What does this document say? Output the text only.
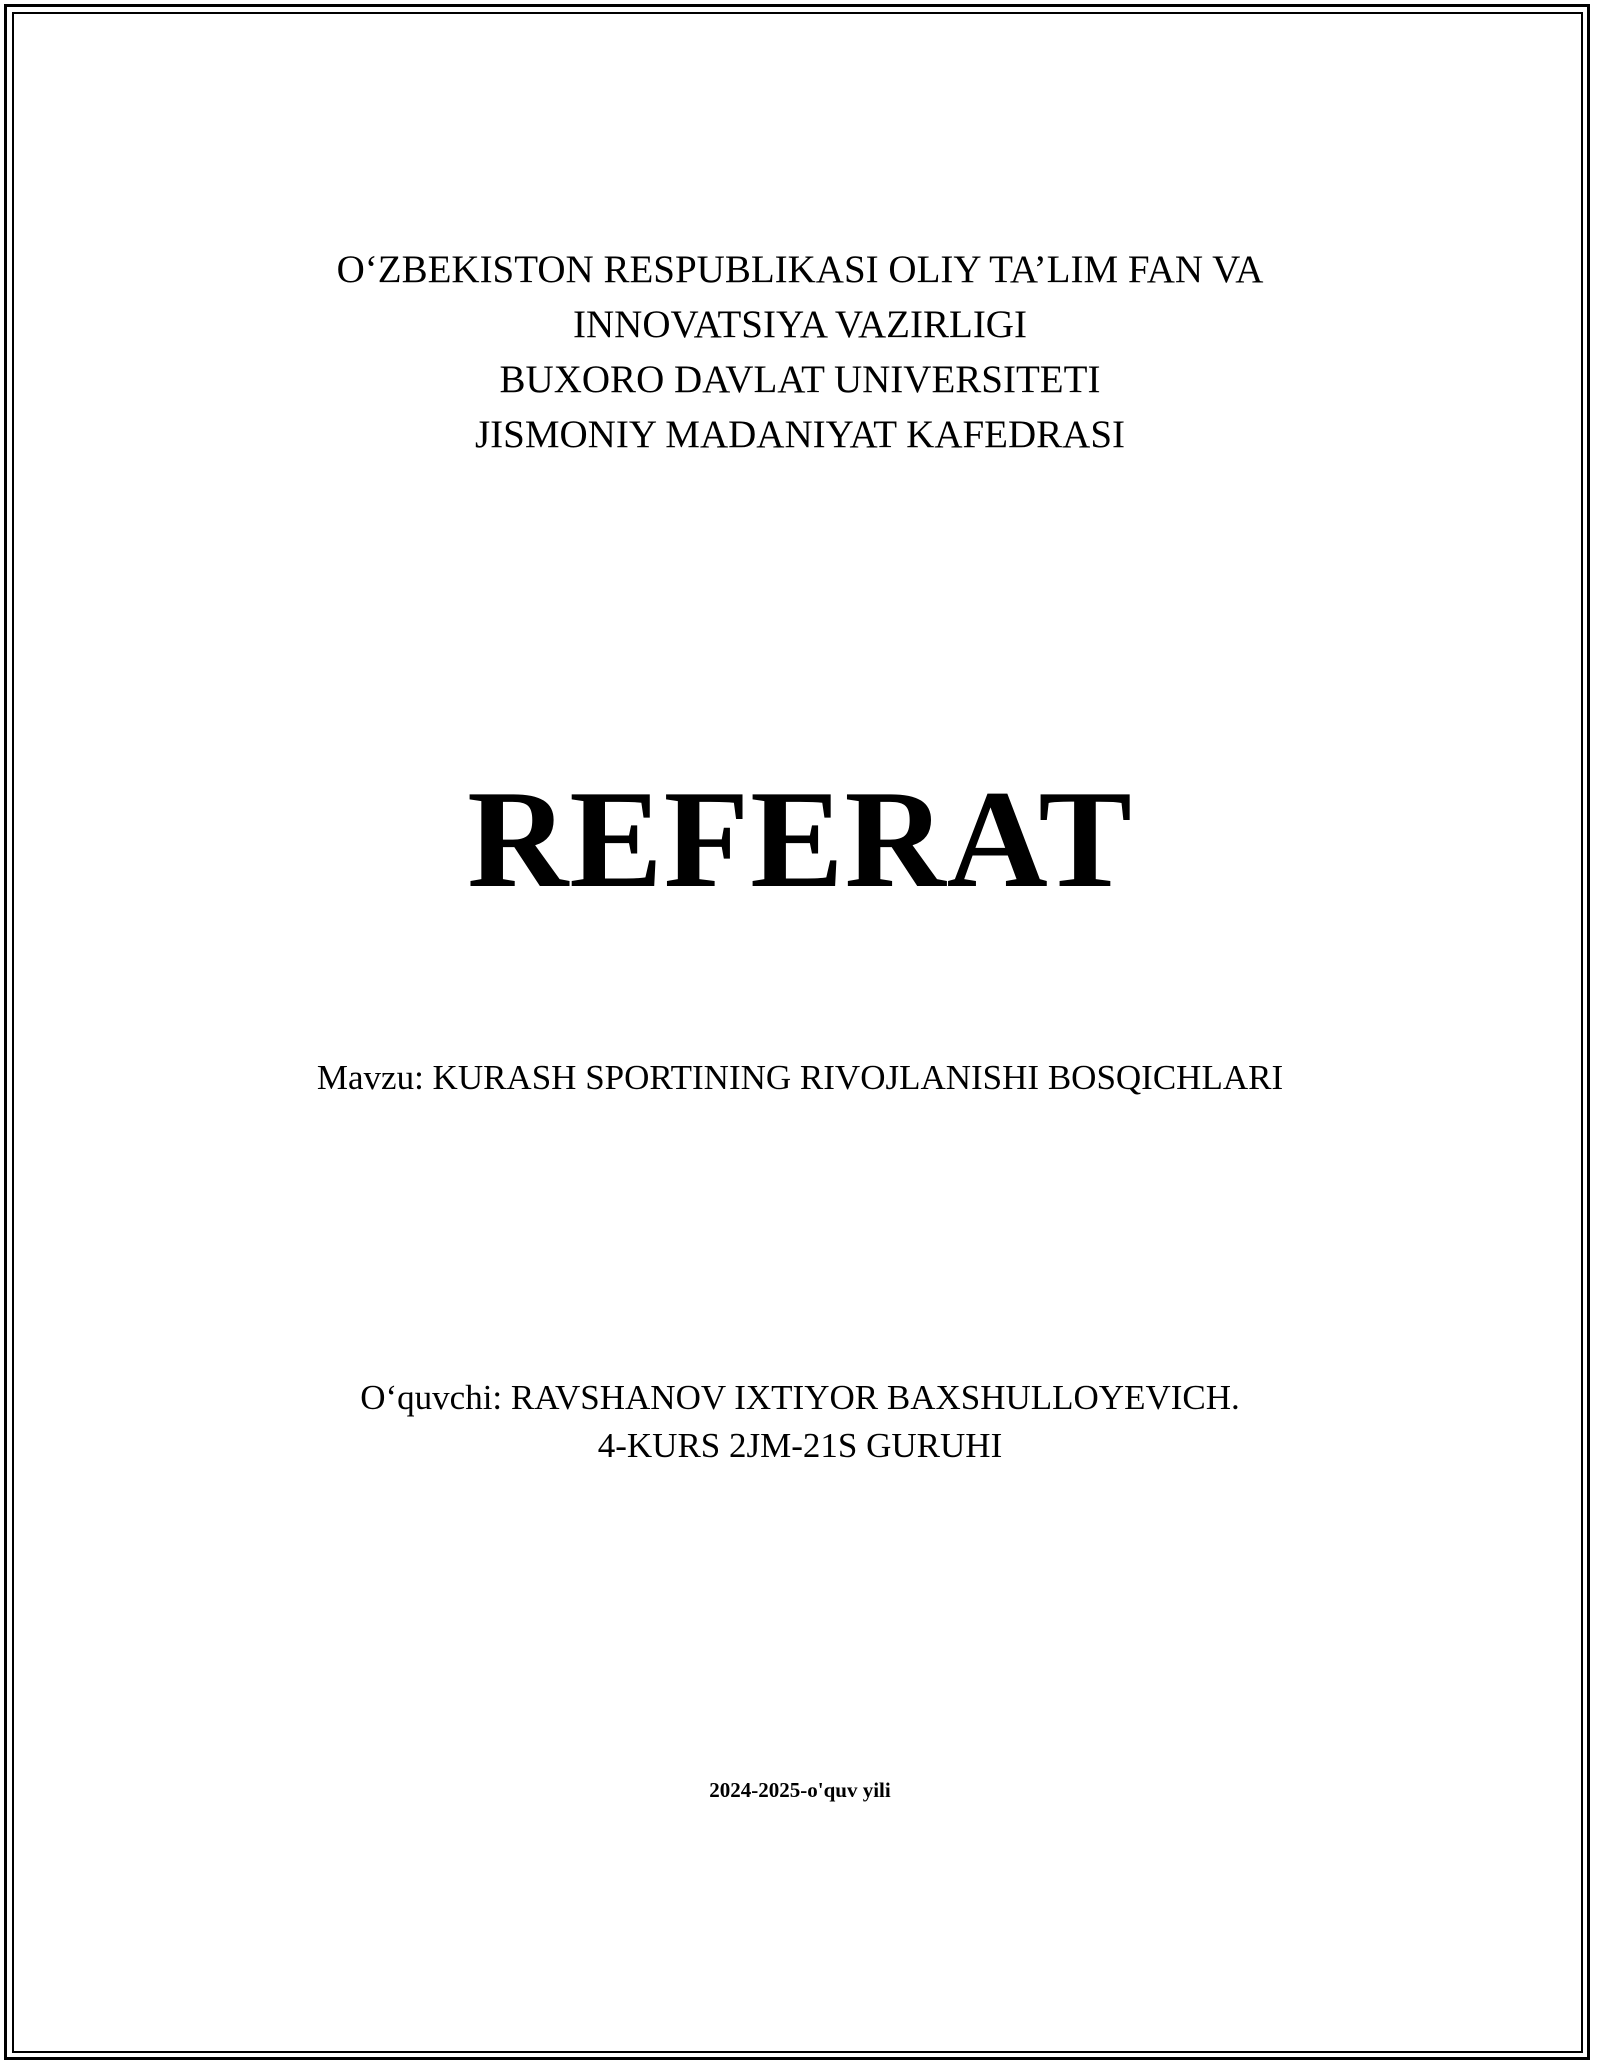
O‘ZBEKISTON RESPUBLIKASI OLIY TA’LIM FAN VA
INNOVATSIYA VAZIRLIGI
BUXORO DAVLAT UNIVERSITETI
JISMONIY MADANIYAT KAFEDRASI
REFERAT
Mavzu: KURASH SPORTINING RIVOJLANISHI BOSQICHLARI
O‘quvchi: RAVSHANOV IXTIYOR BAXSHULLOYEVICH.
4-KURS 2JM-21S GURUHI
2024-2025-o'quv yili
